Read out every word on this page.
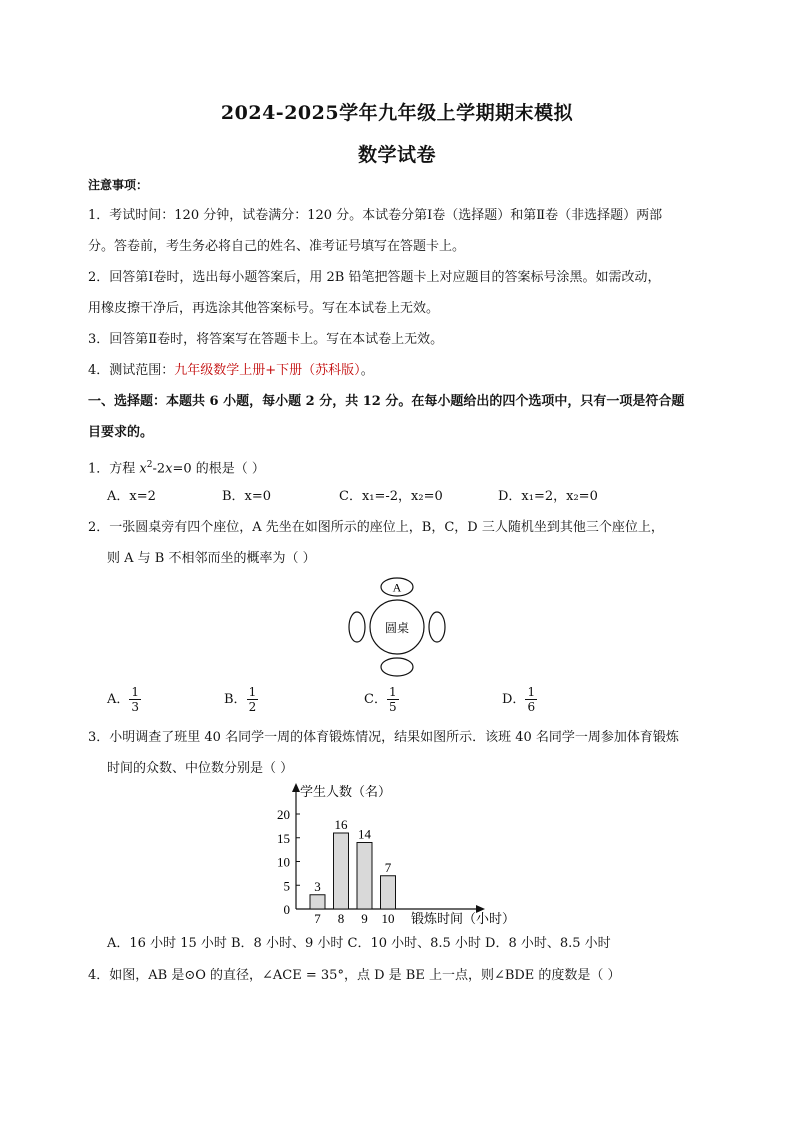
2024-2025学年九年级上学期期末模拟
数学试卷
注意事项：
1．考试时间：120 分钟，试卷满分：120 分。本试卷分第Ⅰ卷（选择题）和第Ⅱ卷（非选择题）两部
分。答卷前，考生务必将自己的姓名、准考证号填写在答题卡上。
2．回答第Ⅰ卷时，选出每小题答案后，用 2B 铅笔把答题卡上对应题目的答案标号涂黑。如需改动，
用橡皮擦干净后，再选涂其他答案标号。写在本试卷上无效。
3．回答第Ⅱ卷时，将答案写在答题卡上。写在本试卷上无效。
4．测试范围：九年级数学上册+下册（苏科版）。
一、选择题：本题共 6 小题，每小题 2 分，共 12 分。在每小题给出的四个选项中，只有一项是符合题
目要求的。
1．方程 $x^2-2x=0$ 的根是（ ）
A．x=2	B．x=0	C．x₁=-2，x₂=0	D．x₁=2，x₂=0
2．一张圆桌旁有四个座位，A 先坐在如图所示的座位上，B，C，D 三人随机坐到其他三个座位上，
则 A 与 B 不相邻而坐的概率为（ ）
A
圆桌
A． $\frac{1}{3}$	B． $\frac{1}{2}$	C． $\frac{1}{5}$	D． $\frac{1}{6}$
3．小明调查了班里 40 名同学一周的体育锻炼情况，结果如图所示．该班 40 名同学一周参加体育锻炼
时间的众数、中位数分别是（ ）
学生人数（名）
锻炼时间（小时）
0
5
10
15
20
3
7
16
8
14
9
7
10
A．16 小时 15 小时 B．8 小时、9 小时 C．10 小时、8.5 小时 D．8 小时、8.5 小时
4．如图，AB 是⊙O 的直径，∠ACE = 35°，点 D 是 BE 上一点，则∠BDE 的度数是（ ）
